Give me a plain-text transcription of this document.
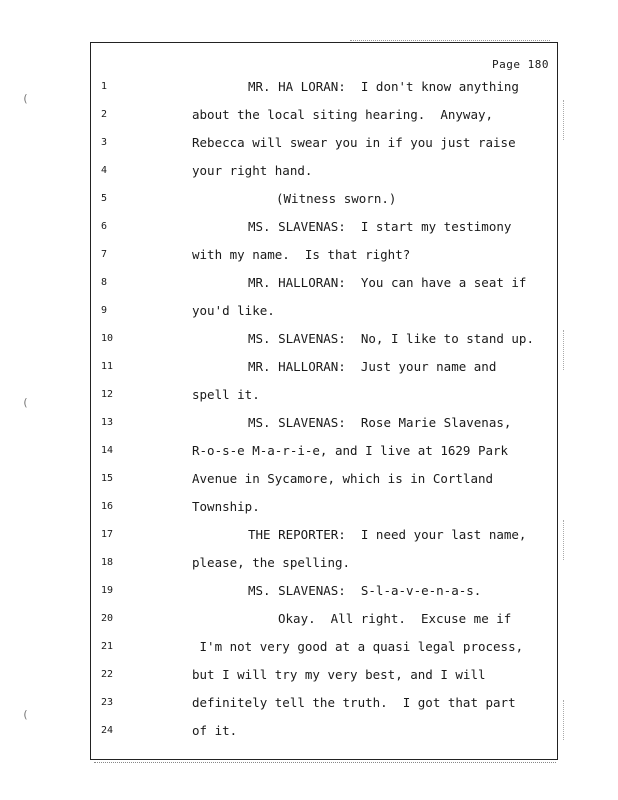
Page 180
1	MR. HA LORAN:  I don't know anything
2	about the local siting hearing.  Anyway,
3	Rebecca will swear you in if you just raise
4	your right hand.
5	(Witness sworn.)
6	MS. SLAVENAS:  I start my testimony
7	with my name.  Is that right?
8	MR. HALLORAN:  You can have a seat if
9	you'd like.
10	MS. SLAVENAS:  No, I like to stand up.
11	MR. HALLORAN:  Just your name and
12	spell it.
13	MS. SLAVENAS:  Rose Marie Slavenas,
14	R-o-s-e M-a-r-i-e, and I live at 1629 Park
15	Avenue in Sycamore, which is in Cortland
16	Township.
17	THE REPORTER:  I need your last name,
18	please, the spelling.
19	MS. SLAVENAS:  S-l-a-v-e-n-a-s.
20	Okay.  All right.  Excuse me if
21	I'm not very good at a quasi legal process,
22	but I will try my very best, and I will
23	definitely tell the truth.  I got that part
24	of it.
(
(
(
